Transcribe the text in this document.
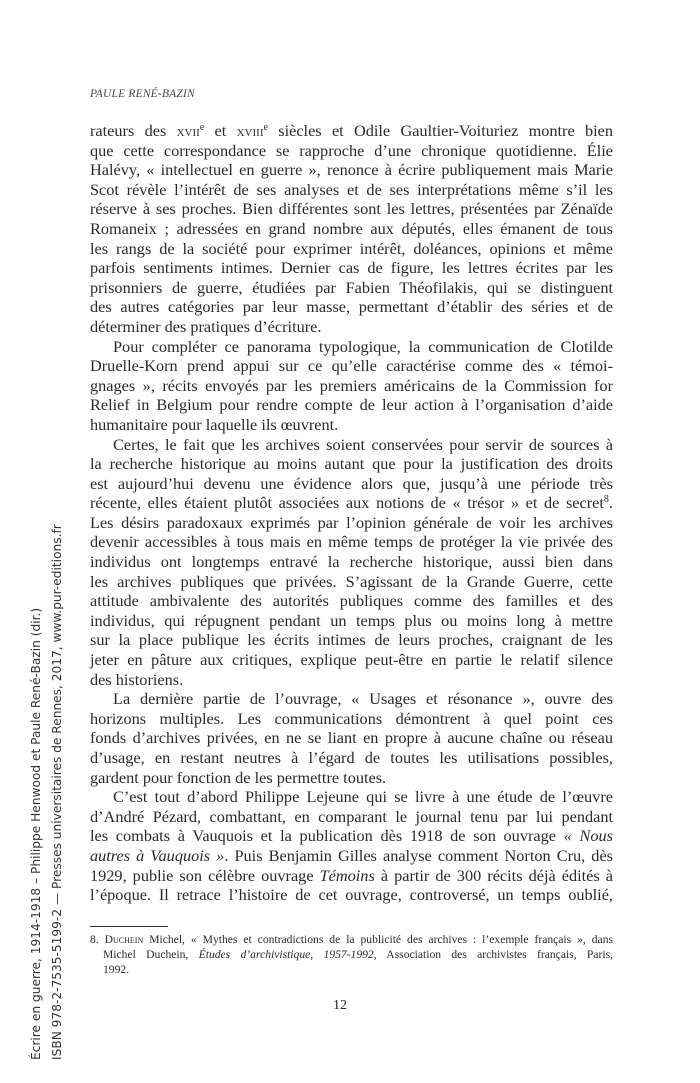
PAULE RENÉ-BAZIN
rateurs des xvii$^e$ et xviii$^e$ siècles et Odile Gaultier-Voituriez montre bien
que cette correspondance se rapproche d’une chronique quotidienne. Élie
Halévy, « intellectuel en guerre », renonce à écrire publiquement mais Marie
Scot révèle l’intérêt de ses analyses et de ses interprétations même s’il les
réserve à ses proches. Bien différentes sont les lettres, présentées par Zénaïde
Romaneix ; adressées en grand nombre aux députés, elles émanent de tous
les rangs de la société pour exprimer intérêt, doléances, opinions et même
parfois sentiments intimes. Dernier cas de figure, les lettres écrites par les
prisonniers de guerre, étudiées par Fabien Théofilakis, qui se distinguent
des autres catégories par leur masse, permettant d’établir des séries et de
déterminer des pratiques d’écriture.
Pour compléter ce panorama typologique, la communication de Clotilde
Druelle-Korn prend appui sur ce qu’elle caractérise comme des « témoi-
gnages », récits envoyés par les premiers américains de la Commission for
Relief in Belgium pour rendre compte de leur action à l’organisation d’aide
humanitaire pour laquelle ils œuvrent.
Certes, le fait que les archives soient conservées pour servir de sources à
la recherche historique au moins autant que pour la justification des droits
est aujourd’hui devenu une évidence alors que, jusqu’à une période très
récente, elles étaient plutôt associées aux notions de « trésor » et de secret$^8$.
Les désirs paradoxaux exprimés par l’opinion générale de voir les archives
devenir accessibles à tous mais en même temps de protéger la vie privée des
individus ont longtemps entravé la recherche historique, aussi bien dans
les archives publiques que privées. S’agissant de la Grande Guerre, cette
attitude ambivalente des autorités publiques comme des familles et des
individus, qui répugnent pendant un temps plus ou moins long à mettre
sur la place publique les écrits intimes de leurs proches, craignant de les
jeter en pâture aux critiques, explique peut-être en partie le relatif silence
des historiens.
La dernière partie de l’ouvrage, « Usages et résonance », ouvre des
horizons multiples. Les communications démontrent à quel point ces
fonds d’archives privées, en ne se liant en propre à aucune chaîne ou réseau
d’usage, en restant neutres à l’égard de toutes les utilisations possibles,
gardent pour fonction de les permettre toutes.
C’est tout d’abord Philippe Lejeune qui se livre à une étude de l’œuvre
d’André Pézard, combattant, en comparant le journal tenu par lui pendant
les combats à Vauquois et la publication dès 1918 de son ouvrage « Nous
autres à Vauquois ». Puis Benjamin Gilles analyse comment Norton Cru, dès
1929, publie son célèbre ouvrage Témoins à partir de 300 récits déjà édités à
l’époque. Il retrace l’histoire de cet ouvrage, controversé, un temps oublié,
8. Duchein Michel, « Mythes et contradictions de la publicité des archives : l’exemple français », dans
Michel Duchein, Études d’archivistique, 1957-1992, Association des archivistes français, Paris,
1992.
12
Écrire en guerre, 1914-1918 – Philippe Henwood et Paule René-Bazin (dir.) ISBN 978-2-7535-5199-2 — Presses universitaires de Rennes, 2017, www.pur-editions.fr
